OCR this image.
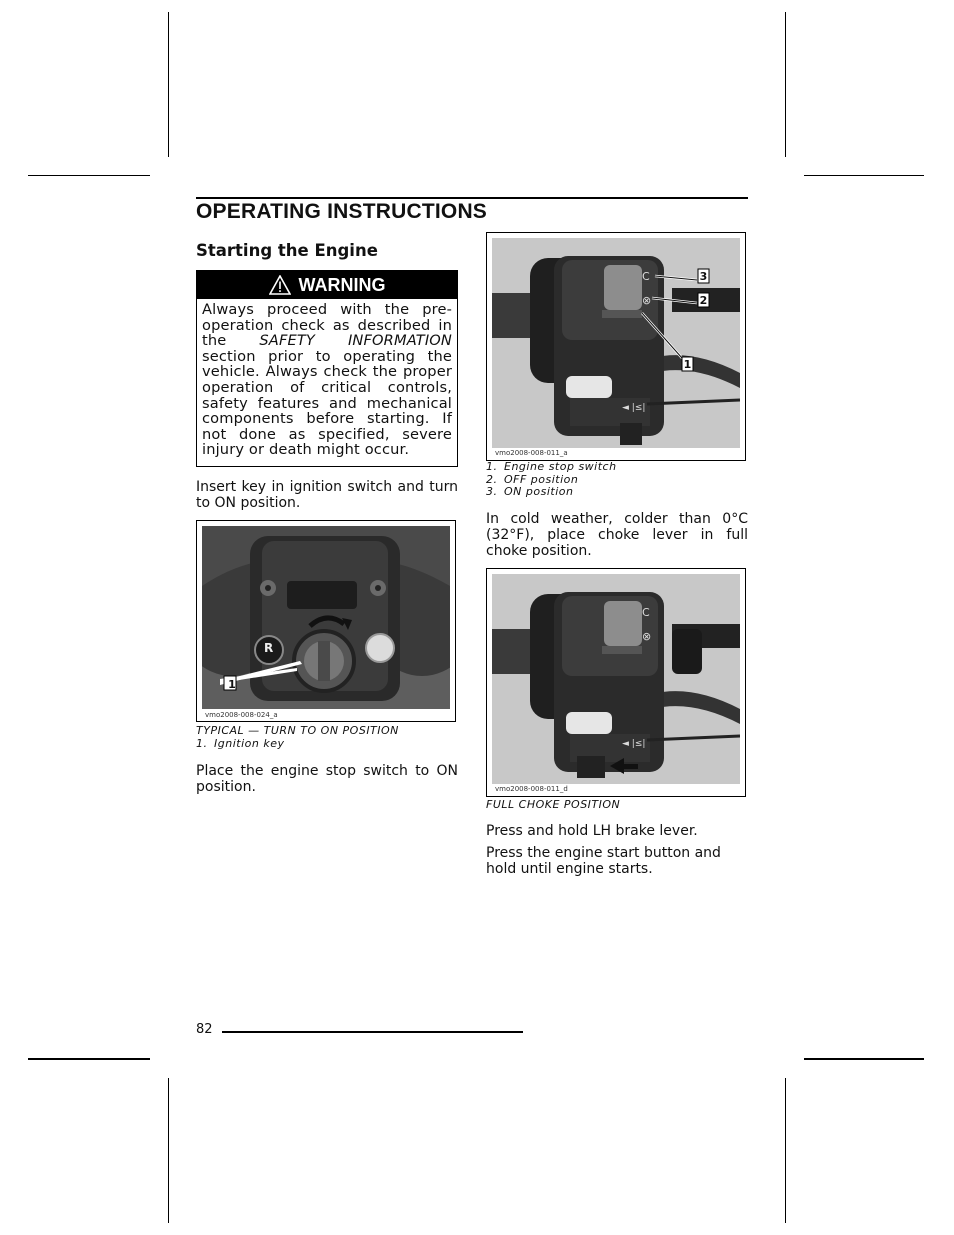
OPERATING INSTRUCTIONS
Starting the Engine
WARNING
Always proceed with the pre-operation check as described in the SAFETY INFORMATION section prior to operating the vehicle. Always check the proper operation of critical controls, safety features and mechanical components before starting. If not done as specified, severe injury or death might occur.

Insert key in ignition switch and turn to ON position.

1
R
vmo2008-008-024_a
TYPICAL — TURN TO ON POSITION
1. Ignition key

Place the engine stop switch to ON position.

C
⊗
◄ |≤|
3
2
1
vmo2008-008-011_a
1. Engine stop switch
2. OFF position
3. ON position

In cold weather, colder than 0°C (32°F), place choke lever in full choke position.

C
⊗
◄ |≤|
vmo2008-008-011_d
FULL CHOKE POSITION

Press and hold LH brake lever.

Press the engine start button and hold until engine starts.

82
